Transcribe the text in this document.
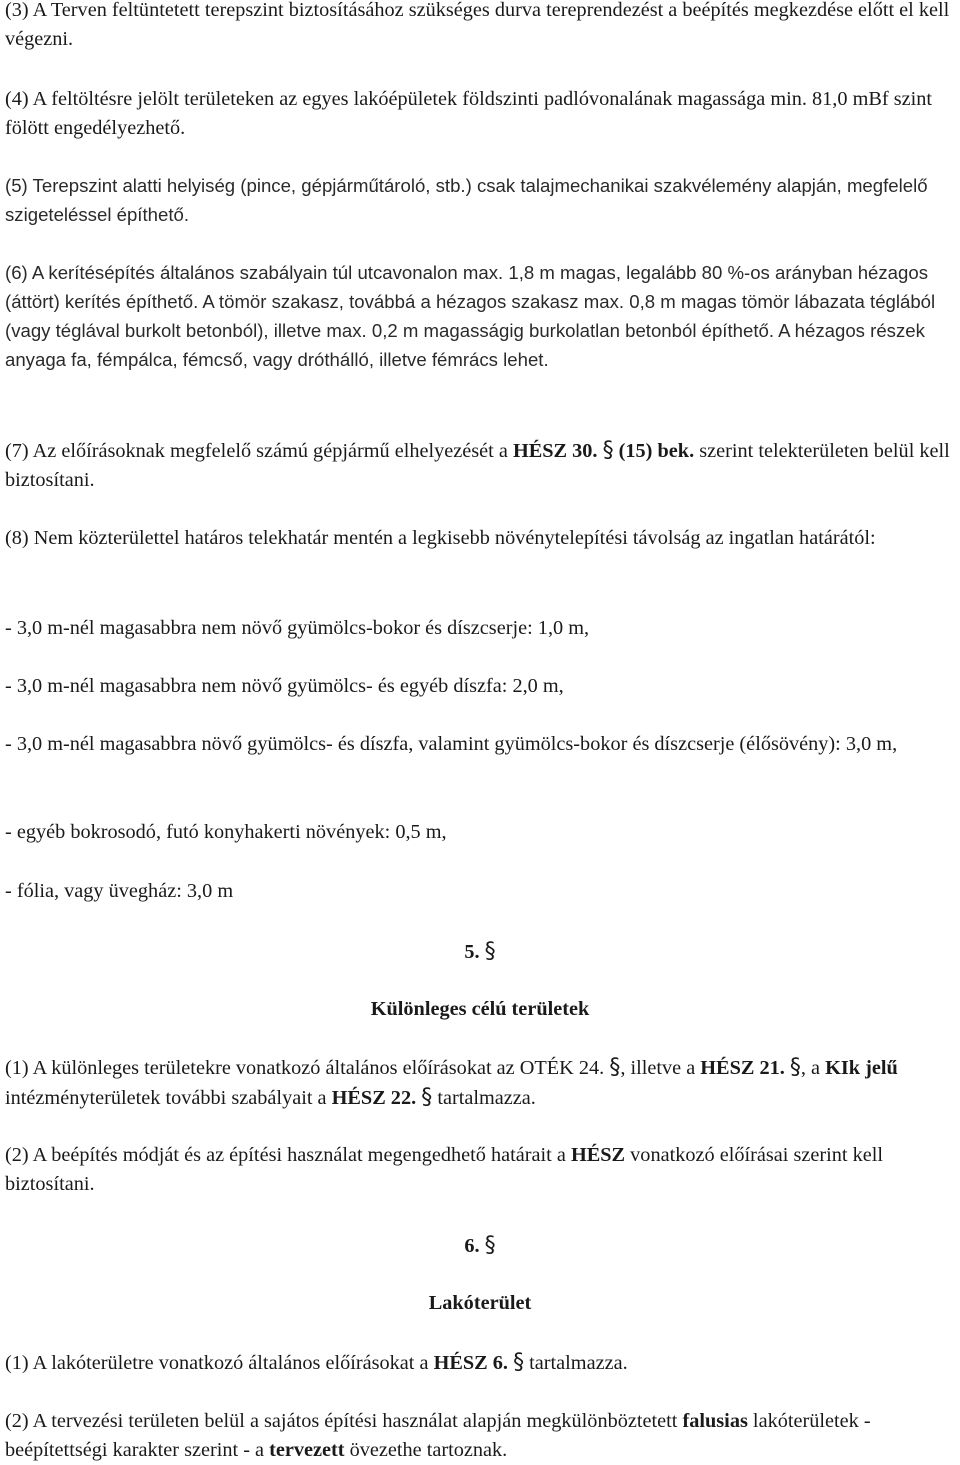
(3) A Terven feltüntetett terepszint biztosításához szükséges durva tereprendezést a beépítés megkezdése előtt el kell végezni.

(4) A feltöltésre jelölt területeken az egyes lakóépületek földszinti padlóvonalának magassága min. 81,0 mBf szint fölött engedélyezhető.

(5) Terepszint alatti helyiség (pince, gépjárműtároló, stb.) csak talajmechanikai szakvélemény alapján, megfelelő szigeteléssel építhető.

(6) A kerítésépítés általános szabályain túl utcavonalon max. 1,8 m magas, legalább 80 %-os arányban hézagos (áttört) kerítés építhető. A tömör szakasz, továbbá a hézagos szakasz max. 0,8 m magas tömör lábazata téglából (vagy téglával burkolt betonból), illetve max. 0,2 m magasságig burkolatlan betonból építhető. A hézagos részek anyaga fa, fémpálca, fémcső, vagy dróthálló, illetve fémrács lehet.

(7) Az előírásoknak megfelelő számú gépjármű elhelyezését a HÉSZ 30. § (15) bek. szerint telekterületen belül kell biztosítani.

(8) Nem közterülettel határos telekhatár mentén a legkisebb növénytelepítési távolság az ingatlan határától:

- 3,0 m-nél magasabbra nem növő gyümölcs-bokor és díszcserje: 1,0 m,

- 3,0 m-nél magasabbra nem növő gyümölcs- és egyéb díszfa: 2,0 m,

- 3,0 m-nél magasabbra növő gyümölcs- és díszfa, valamint gyümölcs-bokor és díszcserje (élősövény): 3,0 m,

- egyéb bokrosodó, futó konyhakerti növények: 0,5 m,

- fólia, vagy üvegház: 3,0 m

5. §

Különleges célú területek

(1) A különleges területekre vonatkozó általános előírásokat az OTÉK 24. §, illetve a HÉSZ 21. §, a KIk jelű intézményterületek további szabályait a HÉSZ 22. § tartalmazza.

(2) A beépítés módját és az építési használat megengedhető határait a HÉSZ vonatkozó előírásai szerint kell biztosítani.

6. §

Lakóterület

(1) A lakóterületre vonatkozó általános előírásokat a HÉSZ 6. § tartalmazza.

(2) A tervezési területen belül a sajátos építési használat alapján megkülönböztetett falusias lakóterületek - beépítettségi karakter szerint - a tervezett övezethe tartoznak.
